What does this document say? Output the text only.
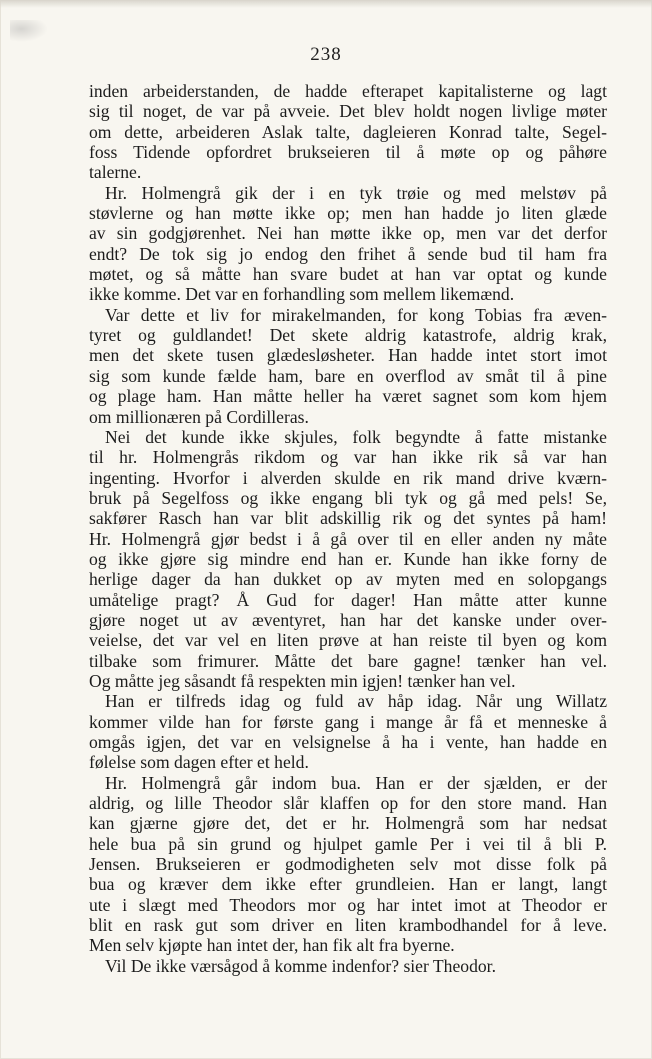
238
inden arbeiderstanden, de hadde efterapet kapitalisterne og lagt
sig til noget, de var på avveie. Det blev holdt nogen livlige møter
om dette, arbeideren Aslak talte, dagleieren Konrad talte, Segel-
foss Tidende opfordret brukseieren til å møte op og påhøre
talerne.
Hr. Holmengrå gik der i en tyk trøie og med melstøv på
støvlerne og han møtte ikke op; men han hadde jo liten glæde
av sin godgjørenhet. Nei han møtte ikke op, men var det derfor
endt? De tok sig jo endog den frihet å sende bud til ham fra
møtet, og så måtte han svare budet at han var optat og kunde
ikke komme. Det var en forhandling som mellem likemænd.
Var dette et liv for mirakelmanden, for kong Tobias fra æven-
tyret og guldlandet! Det skete aldrig katastrofe, aldrig krak,
men det skete tusen glædesløsheter. Han hadde intet stort imot
sig som kunde fælde ham, bare en overflod av småt til å pine
og plage ham. Han måtte heller ha været sagnet som kom hjem
om millionæren på Cordilleras.
Nei det kunde ikke skjules, folk begyndte å fatte mistanke
til hr. Holmengrås rikdom og var han ikke rik så var han
ingenting. Hvorfor i alverden skulde en rik mand drive kværn-
bruk på Segelfoss og ikke engang bli tyk og gå med pels! Se,
sakfører Rasch han var blit adskillig rik og det syntes på ham!
Hr. Holmengrå gjør bedst i å gå over til en eller anden ny måte
og ikke gjøre sig mindre end han er. Kunde han ikke forny de
herlige dager da han dukket op av myten med en solopgangs
umåtelige pragt? Å Gud for dager! Han måtte atter kunne
gjøre noget ut av æventyret, han har det kanske under over-
veielse, det var vel en liten prøve at han reiste til byen og kom
tilbake som frimurer. Måtte det bare gagne! tænker han vel.
Og måtte jeg såsandt få respekten min igjen! tænker han vel.
Han er tilfreds idag og fuld av håp idag. Når ung Willatz
kommer vilde han for første gang i mange år få et menneske å
omgås igjen, det var en velsignelse å ha i vente, han hadde en
følelse som dagen efter et held.
Hr. Holmengrå går indom bua. Han er der sjælden, er der
aldrig, og lille Theodor slår klaffen op for den store mand. Han
kan gjærne gjøre det, det er hr. Holmengrå som har nedsat
hele bua på sin grund og hjulpet gamle Per i vei til å bli P.
Jensen. Brukseieren er godmodigheten selv mot disse folk på
bua og kræver dem ikke efter grundleien. Han er langt, langt
ute i slægt med Theodors mor og har intet imot at Theodor er
blit en rask gut som driver en liten krambodhandel for å leve.
Men selv kjøpte han intet der, han fik alt fra byerne.
Vil De ikke værsågod å komme indenfor? sier Theodor.
